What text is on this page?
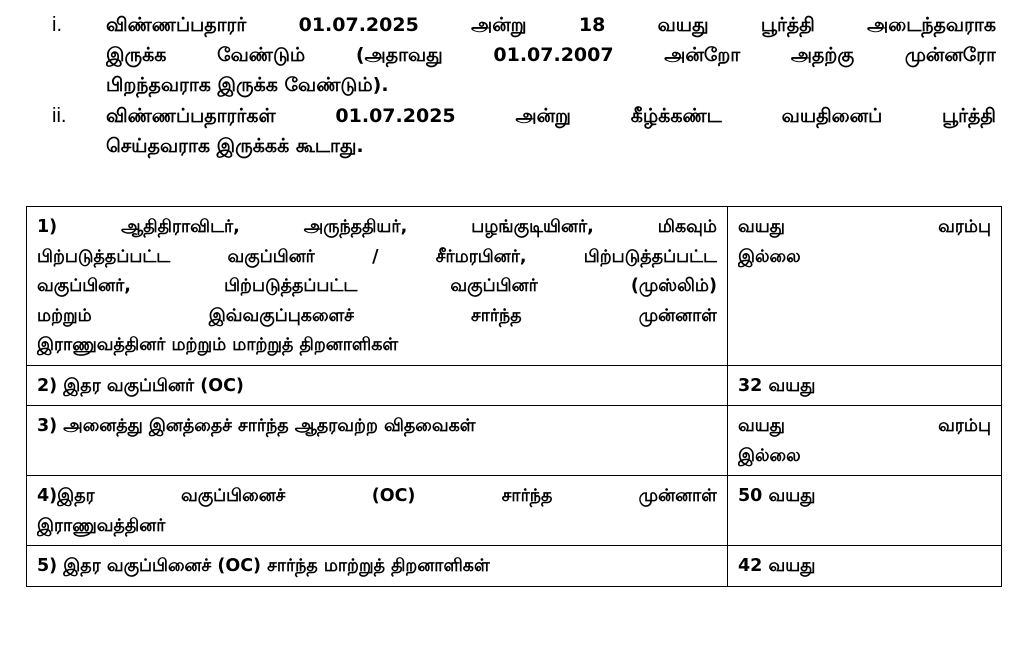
i. விண்ணப்பதாரர் 01.07.2025 அன்று 18 வயது பூர்த்தி அடைந்தவராக
இருக்க வேண்டும் (அதாவது 01.07.2007 அன்றோ அதற்கு முன்னரோ
பிறந்தவராக இருக்க வேண்டும்).
ii. விண்ணப்பதாரர்கள் 01.07.2025 அன்று கீழ்க்கண்ட வயதினைப் பூர்த்தி
செய்தவராக இருக்கக் கூடாது.
1) ஆதிதிராவிடர், அருந்ததியர், பழங்குடியினர், மிகவும்
பிற்படுத்தப்பட்ட வகுப்பினர் / சீர்மரபினர், பிற்படுத்தப்பட்ட
வகுப்பினர், பிற்படுத்தப்பட்ட வகுப்பினர் (முஸ்லிம்)
மற்றும் இவ்வகுப்புகளைச் சார்ந்த முன்னாள்
இராணுவத்தினர் மற்றும் மாற்றுத் திறனாளிகள்	வயது வரம்பு
இல்லை

2) இதர வகுப்பினர் (OC)	32 வயது

3) அனைத்து இனத்தைச் சார்ந்த ஆதரவற்ற விதவைகள்	வயது வரம்பு
இல்லை

4)இதர வகுப்பினைச் (OC) சார்ந்த முன்னாள்
இராணுவத்தினர்	50 வயது

5) இதர வகுப்பினைச் (OC) சார்ந்த மாற்றுத் திறனாளிகள்	42 வயது
